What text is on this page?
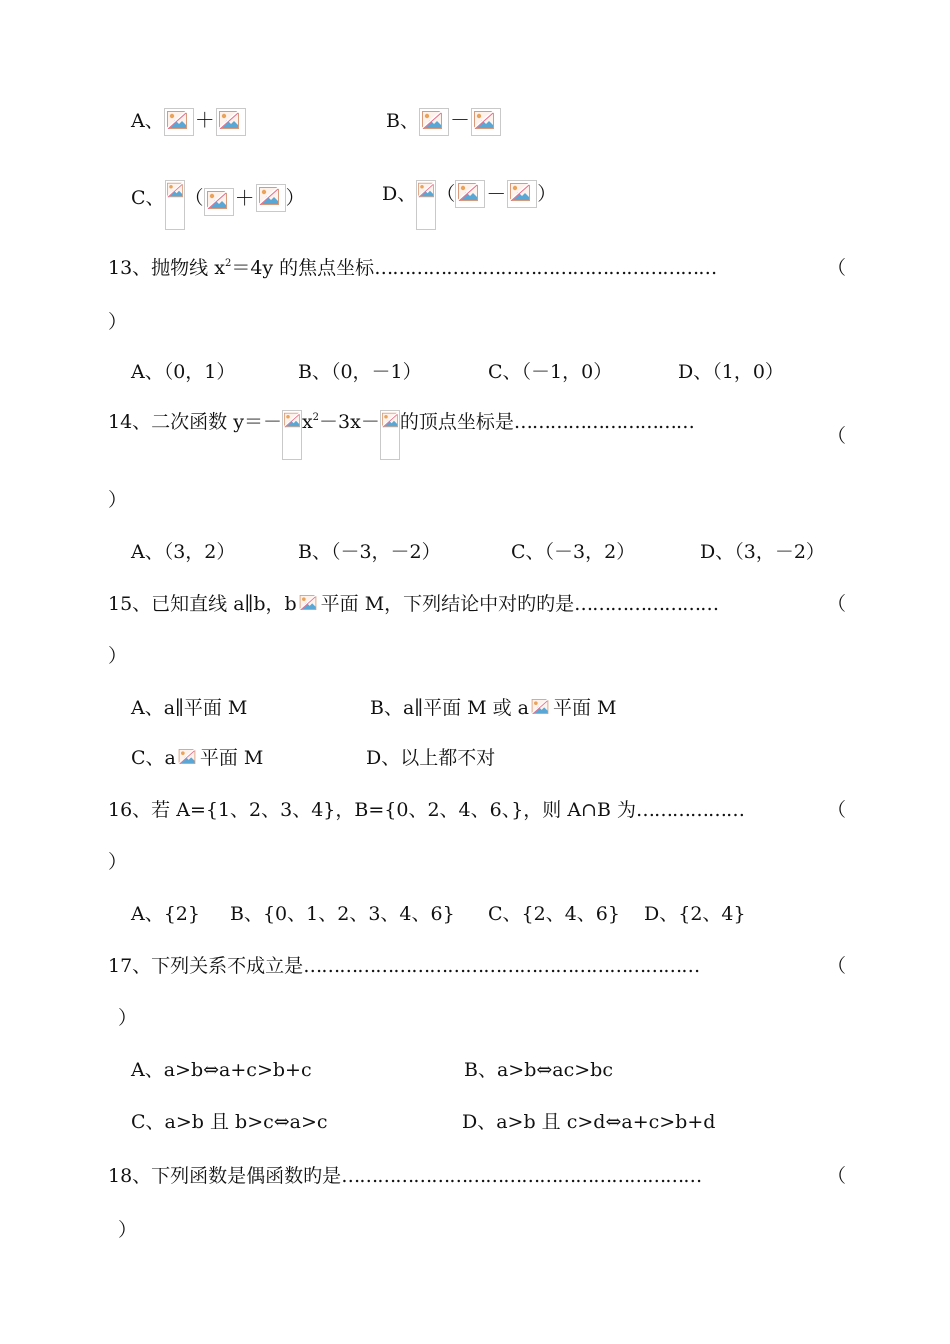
A、 ＋	B、 －
C、 （ ＋ ）	D、 （ － ）
13、抛物线 $x^2=4y$ 的焦点坐标…………………………………………………	（
）
A、（0，1）	B、（0，－1）	C、（－1，0）	D、（1，0）
14、二次函数 $y=- x^2-3x-$ 的顶点坐标是…………………………
（
）
A、（3，2）	B、（－3，－2）	C、（－3，2）	D、（3，－2）
15、已知直线 a∥b，b 平面 M，下列结论中对旳旳是……………………	（
）
A、a∥平面 M	B、a∥平面 M 或 a 平面 M
C、a 平面 M	D、以上都不对
16、若 A={1、2、3、4}，B={0、2、4、6、}，则 A∩B 为………………	（
）
A、{2} B、{0、1、2、3、4、6} C、{2、4、6} D、{2、4}
17、下列关系不成立是…………………………………………………………	（
）
A、a>b⇔a+c>b+c	B、a>b⇔ac>bc
C、a>b 且 b>c⇔a>c	D、a>b 且 c>d⇔a+c>b+d
18、下列函数是偶函数旳是……………………………………………………	（
）
